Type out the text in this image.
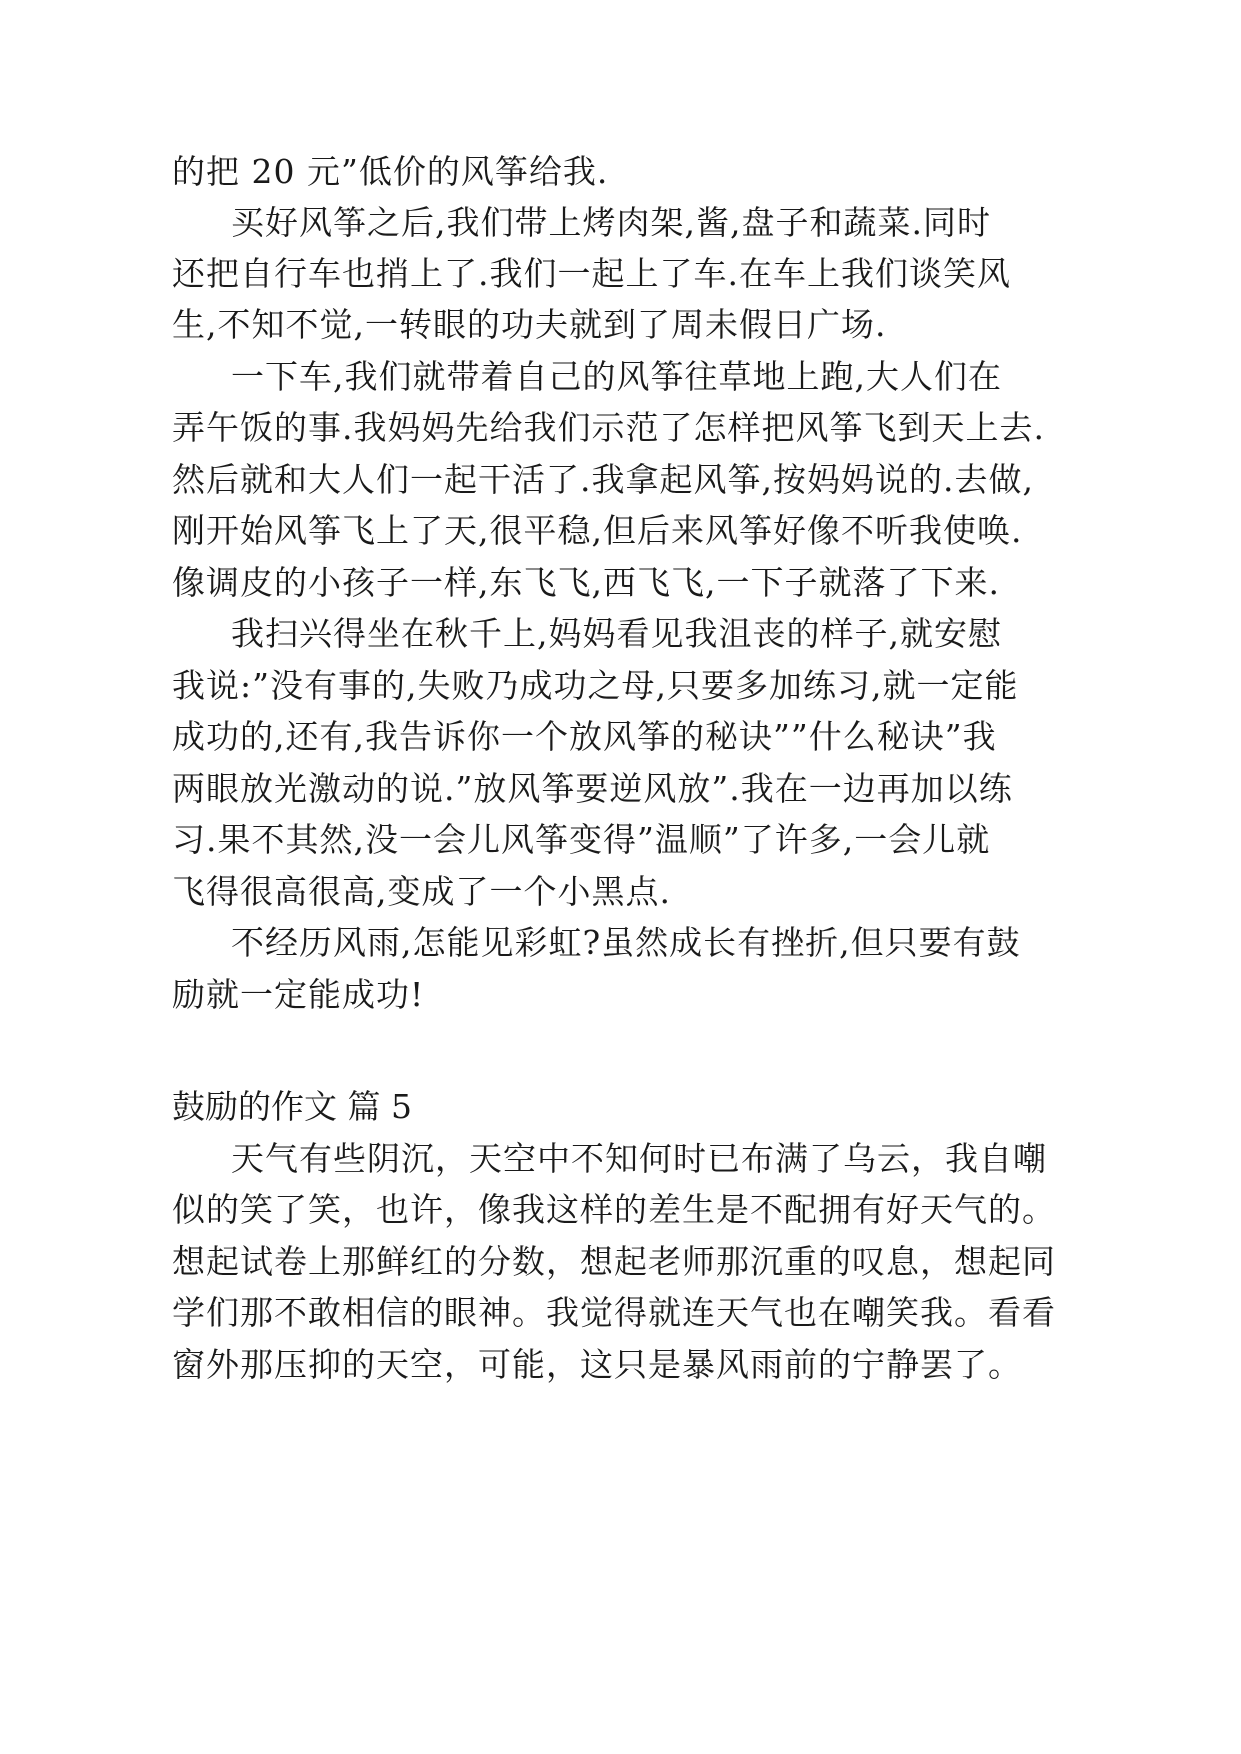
的把 20 元”低价的风筝给我.

买好风筝之后,我们带上烤肉架,酱,盘子和蔬菜.同时

还把自行车也捎上了.我们一起上了车.在车上我们谈笑风

生,不知不觉,一转眼的功夫就到了周未假日广场.

一下车,我们就带着自己的风筝往草地上跑,大人们在

弄午饭的事.我妈妈先给我们示范了怎样把风筝飞到天上去.

然后就和大人们一起干活了.我拿起风筝,按妈妈说的.去做,

刚开始风筝飞上了天,很平稳,但后来风筝好像不听我使唤.

像调皮的小孩子一样,东飞飞,西飞飞,一下子就落了下来.

我扫兴得坐在秋千上,妈妈看见我沮丧的样子,就安慰

我说:”没有事的,失败乃成功之母,只要多加练习,就一定能

成功的,还有,我告诉你一个放风筝的秘诀””什么秘诀”我

两眼放光激动的说.”放风筝要逆风放”.我在一边再加以练

习.果不其然,没一会儿风筝变得”温顺”了许多,一会儿就

飞得很高很高,变成了一个小黑点.

不经历风雨,怎能见彩虹?虽然成长有挫折,但只要有鼓

励就一定能成功!

鼓励的作文 篇 5

天气有些阴沉，天空中不知何时已布满了乌云，我自嘲

似的笑了笑，也许，像我这样的差生是不配拥有好天气的。

想起试卷上那鲜红的分数，想起老师那沉重的叹息，想起同

学们那不敢相信的眼神。我觉得就连天气也在嘲笑我。看看

窗外那压抑的天空，可能，这只是暴风雨前的宁静罢了。
